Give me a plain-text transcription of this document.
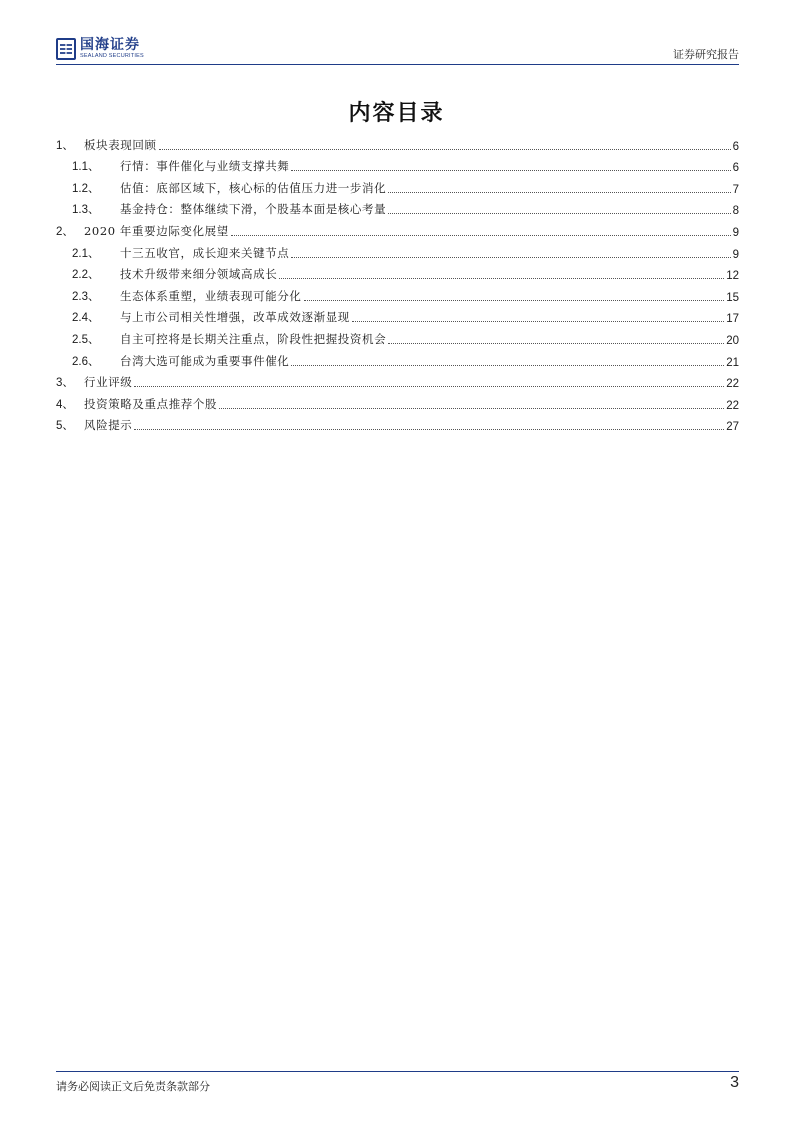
国海证券
SEALAND SECURITIES	证券研究报告
内容目录
1、 板块表现回顾	6
1.1、	行情：事件催化与业绩支撑共舞	6
1.2、	估值：底部区域下，核心标的估值压力进一步消化	7
1.3、	基金持仓：整体继续下滑，个股基本面是核心考量	8
2、 2020 年重要边际变化展望	9
2.1、	十三五收官，成长迎来关键节点	9
2.2、	技术升级带来细分领域高成长	12
2.3、	生态体系重塑，业绩表现可能分化	15
2.4、	与上市公司相关性增强，改革成效逐渐显现	17
2.5、	自主可控将是长期关注重点，阶段性把握投资机会	20
2.6、	台湾大选可能成为重要事件催化	21
3、 行业评级	22
4、 投资策略及重点推荐个股	22
5、 风险提示	27
请务必阅读正文后免责条款部分	3
